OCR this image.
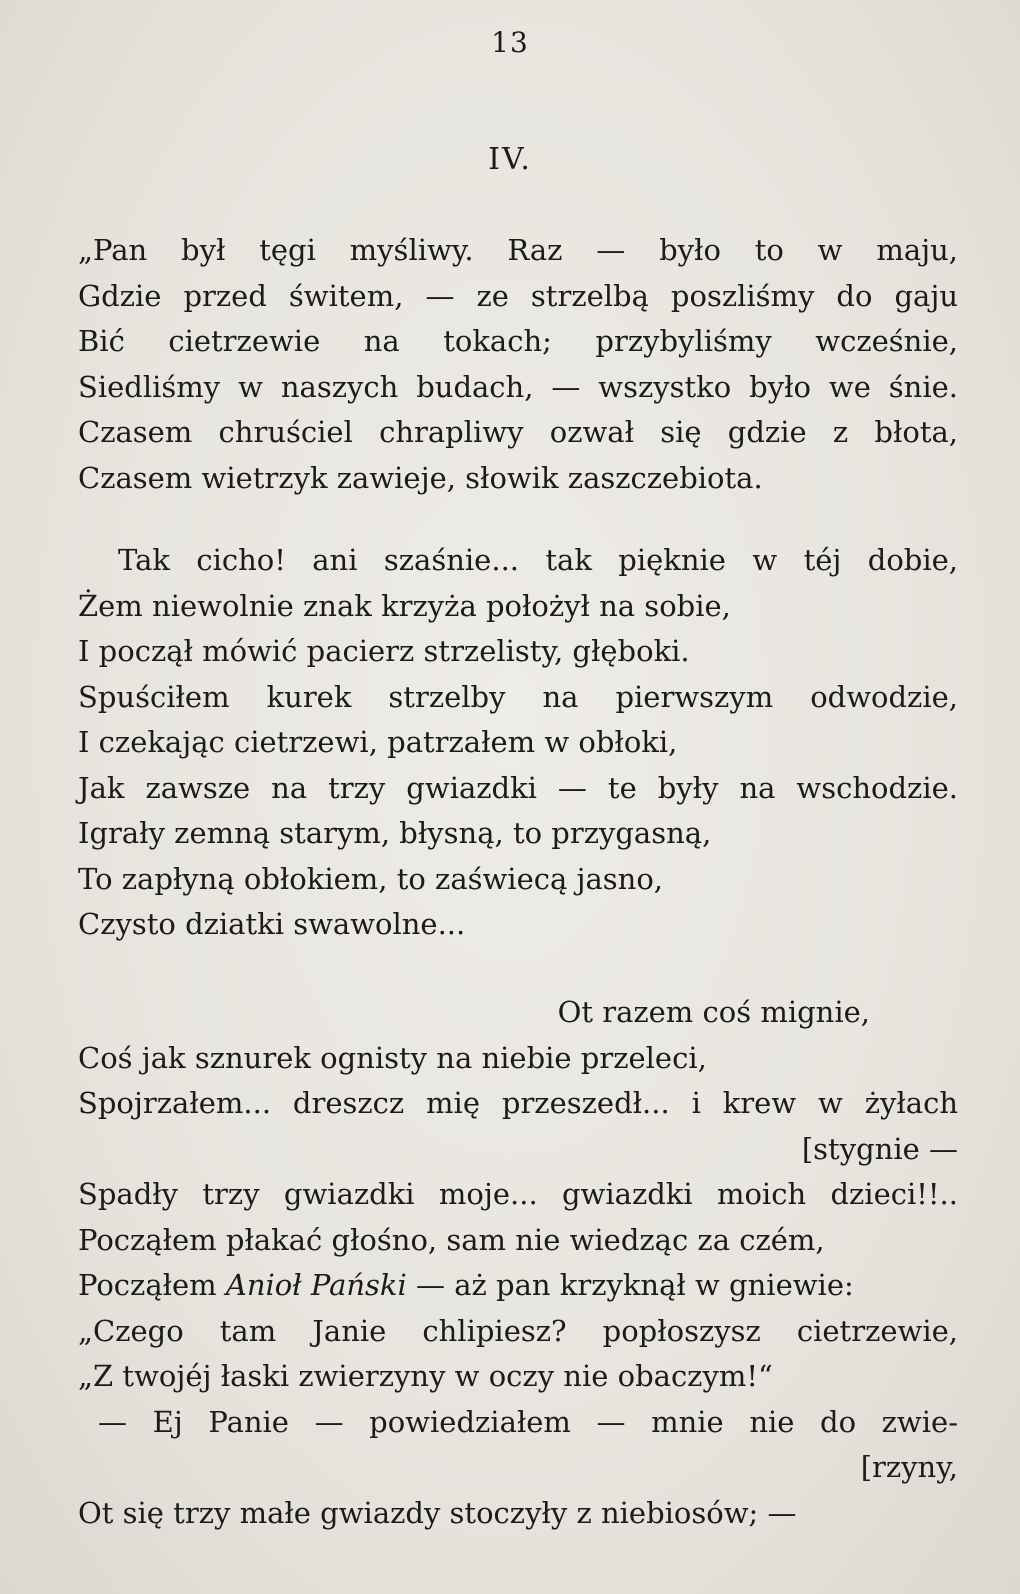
13
IV.
„Pan był tęgi myśliwy. Raz — było to w maju,
Gdzie przed świtem, — ze strzelbą poszliśmy do gaju
Bić cietrzewie na tokach; przybyliśmy wcześnie,
Siedliśmy w naszych budach, — wszystko było we śnie.
Czasem chruściel chrapliwy ozwał się gdzie z błota,
Czasem wietrzyk zawieje, słowik zaszczebiota.
Tak cicho! ani szaśnie... tak pięknie w téj dobie,
Żem niewolnie znak krzyża położył na sobie,
I począł mówić pacierz strzelisty, głęboki.
Spuściłem kurek strzelby na pierwszym odwodzie,
I czekając cietrzewi, patrzałem w obłoki,
Jak zawsze na trzy gwiazdki — te były na wschodzie.
Igrały zemną starym, błysną, to przygasną,
To zapłyną obłokiem, to zaświecą jasno,
Czysto dziatki swawolne...
Ot razem coś mignie,
Coś jak sznurek ognisty na niebie przeleci,
Spojrzałem... dreszcz mię przeszedł... i krew w żyłach
[stygnie —
Spadły trzy gwiazdki moje... gwiazdki moich dzieci!!..
Począłem płakać głośno, sam nie wiedząc za czém,
Począłem Anioł Pański — aż pan krzyknął w gniewie:
„Czego tam Janie chlipiesz? popłoszysz cietrzewie,
„Z twojéj łaski zwierzyny w oczy nie obaczym!“
— Ej Panie — powiedziałem — mnie nie do zwie-
[rzyny,
Ot się trzy małe gwiazdy stoczyły z niebiosów; —
